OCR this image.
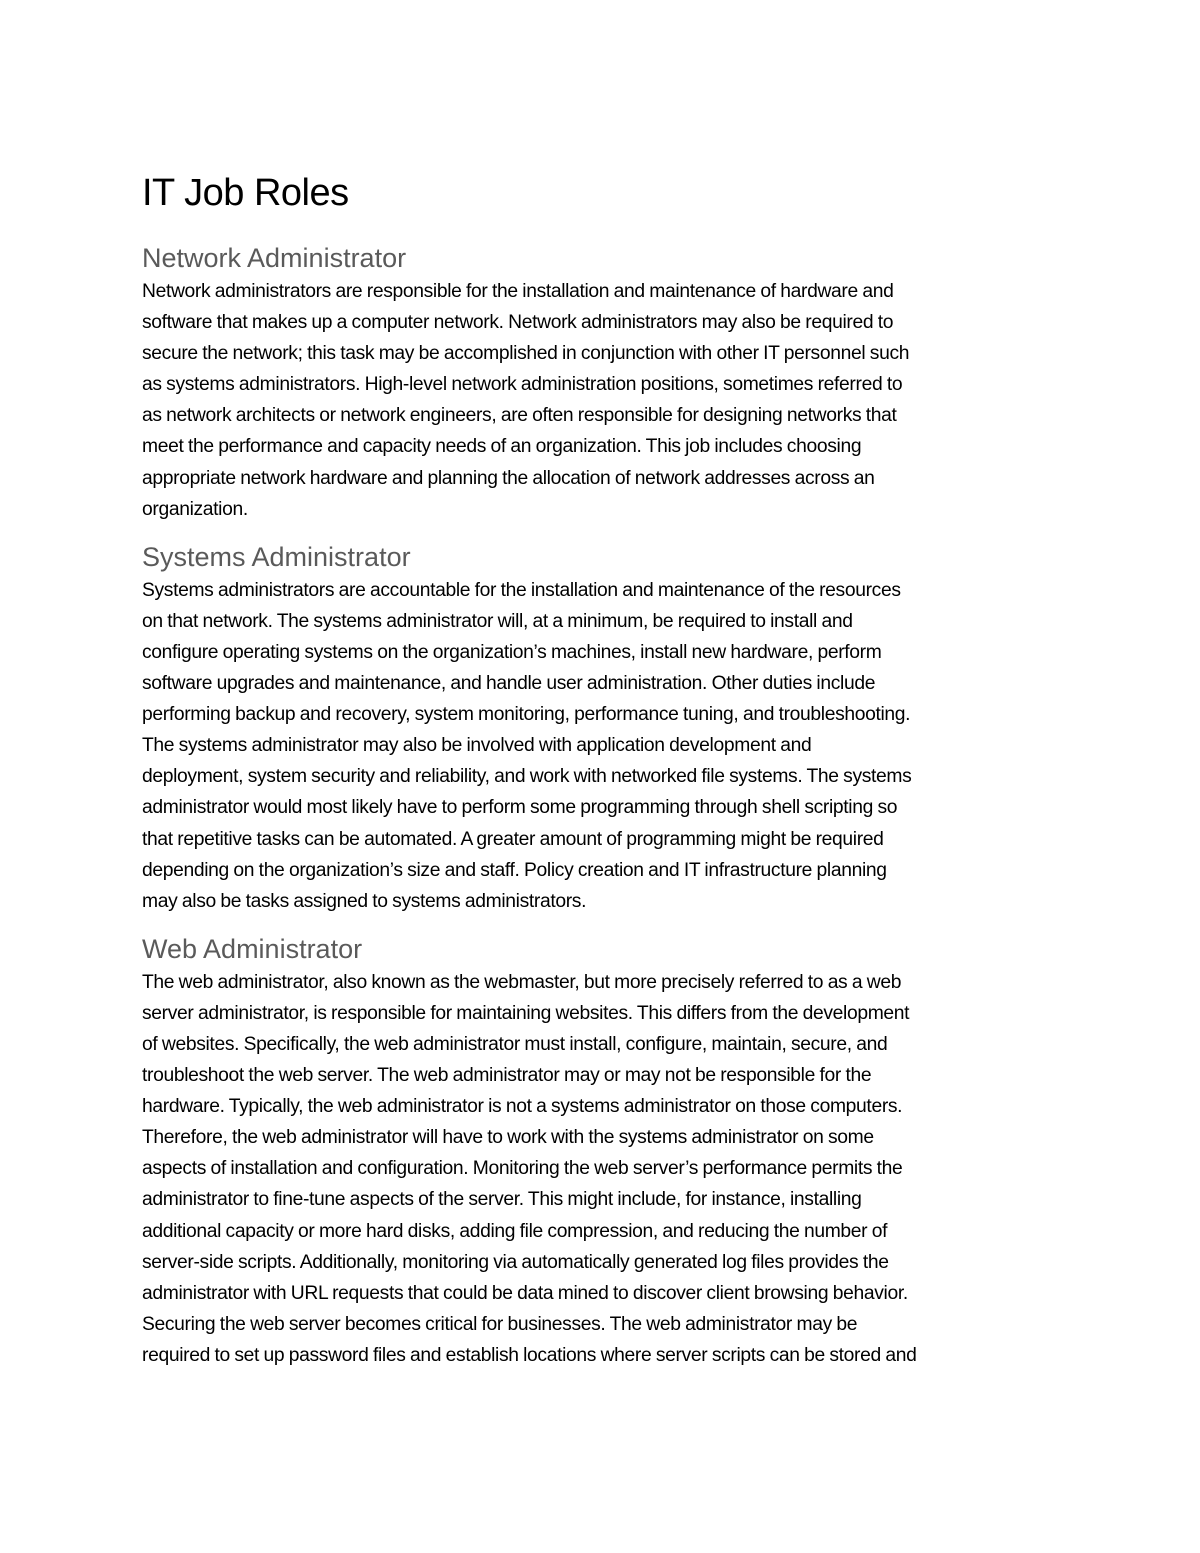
IT Job Roles
Network Administrator

Network administrators are responsible for the installation and maintenance of hardware and
software that makes up a computer network. Network administrators may also be required to
secure the network; this task may be accomplished in conjunction with other IT personnel such
as systems administrators. High-level network administration positions, sometimes referred to
as network architects or network engineers, are often responsible for designing networks that
meet the performance and capacity needs of an organization. This job includes choosing
appropriate network hardware and planning the allocation of network addresses across an
organization.

Systems Administrator

Systems administrators are accountable for the installation and maintenance of the resources
on that network. The systems administrator will, at a minimum, be required to install and
configure operating systems on the organization’s machines, install new hardware, perform
software upgrades and maintenance, and handle user administration. Other duties include
performing backup and recovery, system monitoring, performance tuning, and troubleshooting.
The systems administrator may also be involved with application development and
deployment, system security and reliability, and work with networked file systems. The systems
administrator would most likely have to perform some programming through shell scripting so
that repetitive tasks can be automated. A greater amount of programming might be required
depending on the organization’s size and staff. Policy creation and IT infrastructure planning
may also be tasks assigned to systems administrators.

Web Administrator

The web administrator, also known as the webmaster, but more precisely referred to as a web
server administrator, is responsible for maintaining websites. This differs from the development
of websites. Specifically, the web administrator must install, configure, maintain, secure, and
troubleshoot the web server. The web administrator may or may not be responsible for the
hardware. Typically, the web administrator is not a systems administrator on those computers.
Therefore, the web administrator will have to work with the systems administrator on some
aspects of installation and configuration. Monitoring the web server’s performance permits the
administrator to fine-tune aspects of the server. This might include, for instance, installing
additional capacity or more hard disks, adding file compression, and reducing the number of
server-side scripts. Additionally, monitoring via automatically generated log files provides the
administrator with URL requests that could be data mined to discover client browsing behavior.
Securing the web server becomes critical for businesses. The web administrator may be
required to set up password files and establish locations where server scripts can be stored and
